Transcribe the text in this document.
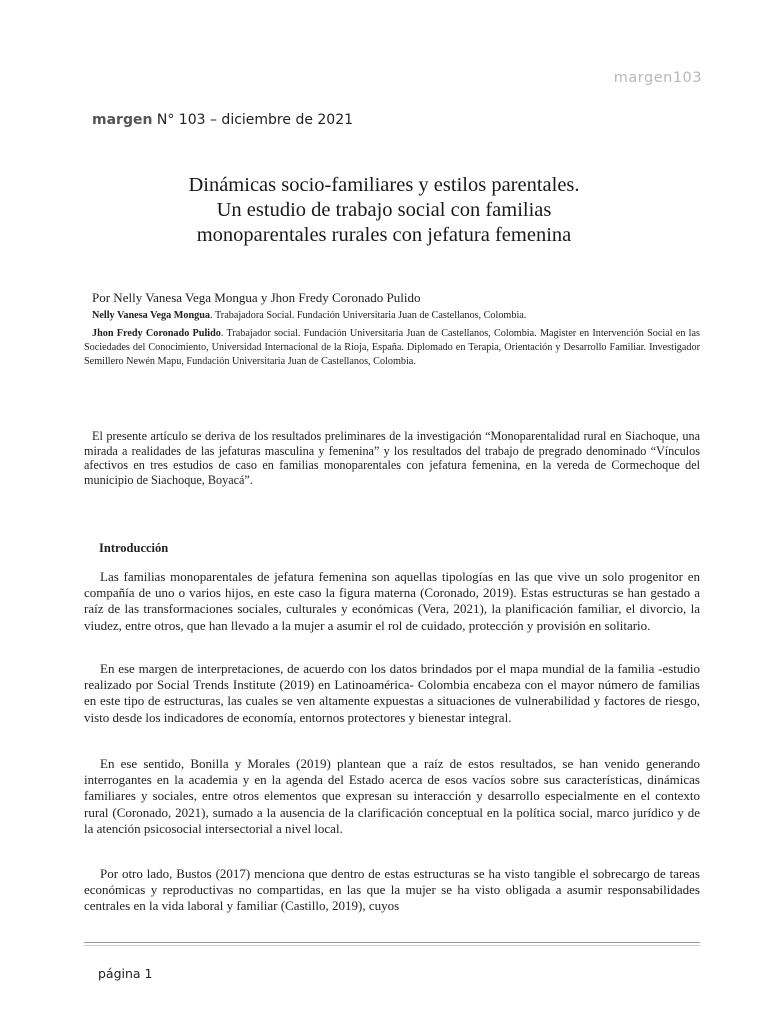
margen103
margen N° 103 – diciembre de 2021
Dinámicas socio-familiares y estilos parentales.
Un estudio de trabajo social con familias
monoparentales rurales con jefatura femenina
Por Nelly Vanesa Vega Mongua y Jhon Fredy Coronado Pulido
Nelly Vanesa Vega Mongua. Trabajadora Social. Fundación Universitaria Juan de Castellanos, Colombia.
Jhon Fredy Coronado Pulido. Trabajador social. Fundación Universitaria Juan de Castellanos, Colombia. Magister en Intervención Social en las Sociedades del Conocimiento, Universidad Internacional de la Rioja, España. Diplomado en Terapia, Orientación y Desarrollo Familiar. Investigador Semillero Newén Mapu, Fundación Universitaria Juan de Castellanos, Colombia.
El presente artículo se deriva de los resultados preliminares de la investigación “Monoparentalidad rural en Siachoque, una mirada a realidades de las jefaturas masculina y femenina” y los resultados del trabajo de pregrado denominado “Vínculos afectivos en tres estudios de caso en familias monoparentales con jefatura femenina, en la vereda de Cormechoque del municipio de Siachoque, Boyacá”.
Introducción
Las familias monoparentales de jefatura femenina son aquellas tipologías en las que vive un solo progenitor en compañía de uno o varios hijos, en este caso la figura materna (Coronado, 2019). Estas estructuras se han gestado a raíz de las transformaciones sociales, culturales y económicas (Vera, 2021), la planificación familiar, el divorcio, la viudez, entre otros, que han llevado a la mujer a asumir el rol de cuidado, protección y provisión en solitario.
En ese margen de interpretaciones, de acuerdo con los datos brindados por el mapa mundial de la familia -estudio realizado por Social Trends Institute (2019) en Latinoamérica- Colombia encabeza con el mayor número de familias en este tipo de estructuras, las cuales se ven altamente expuestas a situaciones de vulnerabilidad y factores de riesgo, visto desde los indicadores de economía, entornos protectores y bienestar integral.
En ese sentido, Bonilla y Morales (2019) plantean que a raíz de estos resultados, se han venido generando interrogantes en la academia y en la agenda del Estado acerca de esos vacíos sobre sus características, dinámicas familiares y sociales, entre otros elementos que expresan su interacción y desarrollo especialmente en el contexto rural (Coronado, 2021), sumado a la ausencia de la clarificación conceptual en la política social, marco jurídico y de la atención psicosocial intersectorial a nivel local.
Por otro lado, Bustos (2017) menciona que dentro de estas estructuras se ha visto tangible el sobrecargo de tareas económicas y reproductivas no compartidas, en las que la mujer se ha visto obligada a asumir responsabilidades centrales en la vida laboral y familiar (Castillo, 2019), cuyos
página 1
